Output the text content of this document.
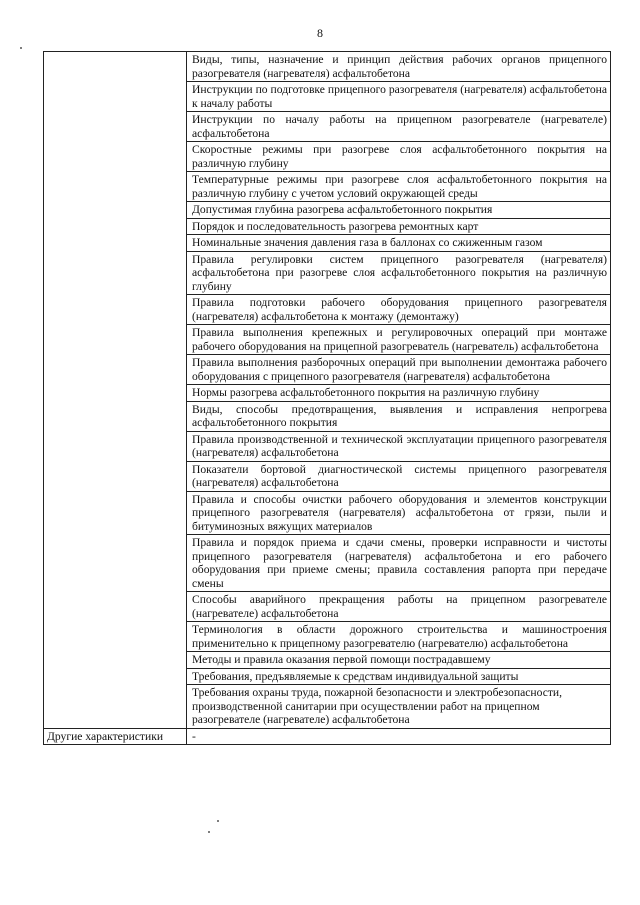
8
	Виды, типы, назначение и принцип действия рабочих органов прицепного разогревателя (нагревателя) асфальтобетона
	Инструкции по подготовке прицепного разогревателя (нагревателя) асфальтобетона к началу работы
	Инструкции по началу работы на прицепном разогревателе (нагревателе) асфальтобетона
	Скоростные режимы при разогреве слоя асфальтобетонного покрытия на различную глубину
	Температурные режимы при разогреве слоя асфальтобетонного покрытия на различную глубину с учетом условий окружающей среды
	Допустимая глубина разогрева асфальтобетонного покрытия
	Порядок и последовательность разогрева ремонтных карт
	Номинальные значения давления газа в баллонах со сжиженным газом
	Правила регулировки систем прицепного разогревателя (нагревателя) асфальтобетона при разогреве слоя асфальтобетонного покрытия на различную глубину
	Правила подготовки рабочего оборудования прицепного разогревателя (нагревателя) асфальтобетона к монтажу (демонтажу)
	Правила выполнения крепежных и регулировочных операций при монтаже рабочего оборудования на прицепной разогреватель (нагреватель) асфальтобетона
	Правила выполнения разборочных операций при выполнении демонтажа рабочего оборудования с прицепного разогревателя (нагревателя) асфальтобетона
	Нормы разогрева асфальтобетонного покрытия на различную глубину
	Виды, способы предотвращения, выявления и исправления непрогрева асфальтобетонного покрытия
	Правила производственной и технической эксплуатации прицепного разогревателя (нагревателя) асфальтобетона
	Показатели бортовой диагностической системы прицепного разогревателя (нагревателя) асфальтобетона
	Правила и способы очистки рабочего оборудования и элементов конструкции прицепного разогревателя (нагревателя) асфальтобетона от грязи, пыли и битуминозных вяжущих материалов
	Правила и порядок приема и сдачи смены, проверки исправности и чистоты прицепного разогревателя (нагревателя) асфальтобетона и его рабочего оборудования при приеме смены; правила составления рапорта при передаче смены
	Способы аварийного прекращения работы на прицепном разогревателе (нагревателе) асфальтобетона
	Терминология в области дорожного строительства и машиностроения применительно к прицепному разогревателю (нагревателю) асфальтобетона
	Методы и правила оказания первой помощи пострадавшему
	Требования, предъявляемые к средствам индивидуальной защиты
	Требования охраны труда, пожарной безопасности и электробезопасности, производственной санитарии при осуществлении работ на прицепном разогревателе (нагревателе) асфальтобетона
Другие характеристики	-
